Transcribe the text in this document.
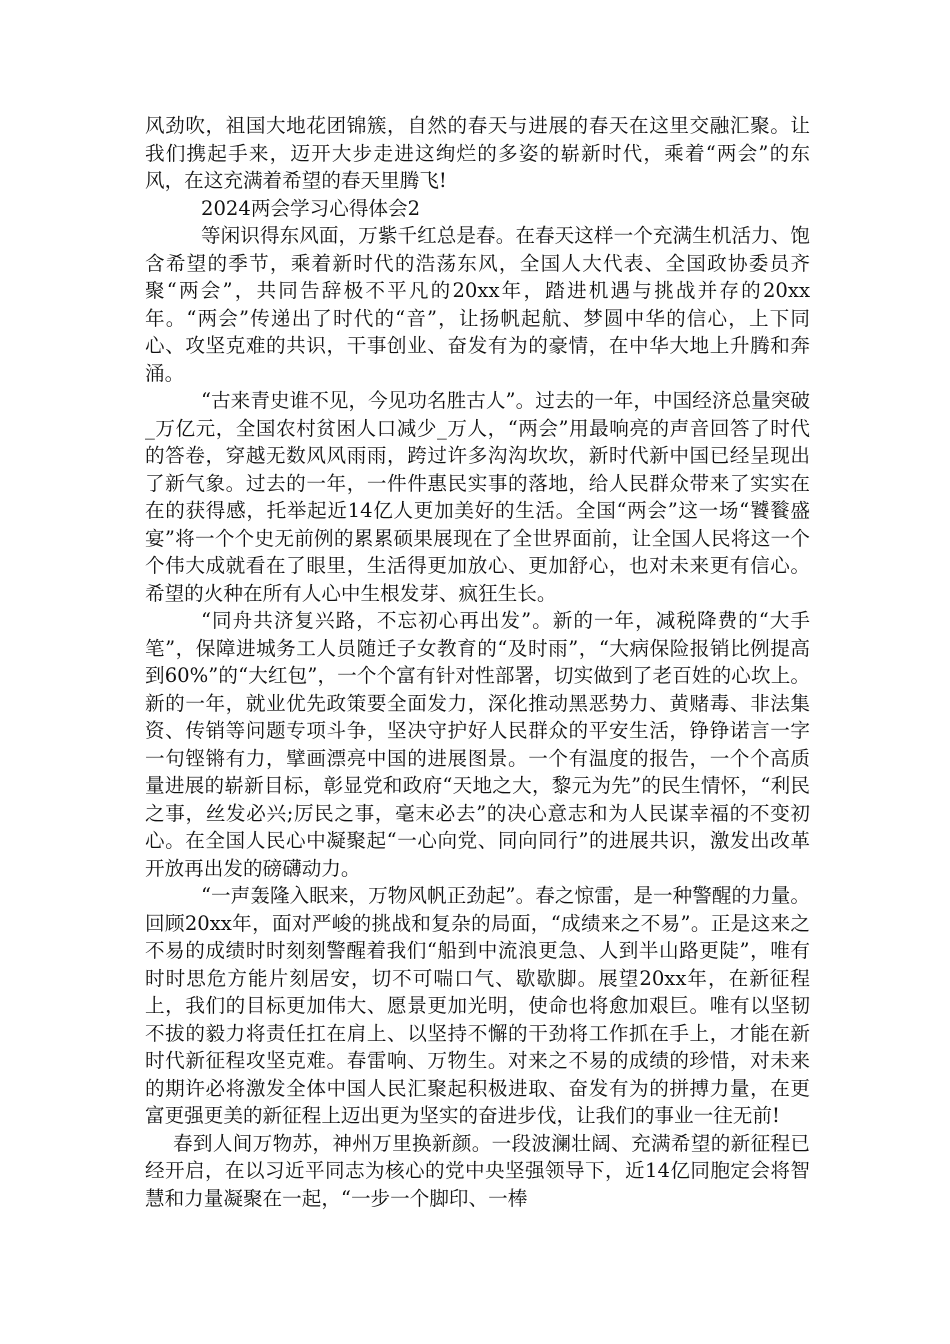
风劲吹，祖国大地花团锦簇，自然的春天与进展的春天在这里交融汇聚。让我们携起手来，迈开大步走进这绚烂的多姿的崭新时代，乘着“两会”的东风，在这充满着希望的春天里腾飞!

2024两会学习心得体会2

等闲识得东风面，万紫千红总是春。在春天这样一个充满生机活力、饱含希望的季节，乘着新时代的浩荡东风，全国人大代表、全国政协委员齐聚“两会”，共同告辞极不平凡的20xx年，踏进机遇与挑战并存的20xx年。“两会”传递出了时代的“音”，让扬帆起航、梦圆中华的信心，上下同心、攻坚克难的共识，干事创业、奋发有为的豪情，在中华大地上升腾和奔涌。

“古来青史谁不见，今见功名胜古人”。过去的一年，中国经济总量突破_万亿元，全国农村贫困人口减少_万人，“两会”用最响亮的声音回答了时代的答卷，穿越无数风风雨雨，跨过许多沟沟坎坎，新时代新中国已经呈现出了新气象。过去的一年，一件件惠民实事的落地，给人民群众带来了实实在在的获得感，托举起近14亿人更加美好的生活。全国“两会”这一场“饕餮盛宴”将一个个史无前例的累累硕果展现在了全世界面前，让全国人民将这一个个伟大成就看在了眼里，生活得更加放心、更加舒心，也对未来更有信心。希望的火种在所有人心中生根发芽、疯狂生长。

“同舟共济复兴路，不忘初心再出发”。新的一年，减税降费的“大手笔”，保障进城务工人员随迁子女教育的“及时雨”，“大病保险报销比例提高到60%”的“大红包”，一个个富有针对性部署，切实做到了老百姓的心坎上。新的一年，就业优先政策要全面发力，深化推动黑恶势力、黄赌毒、非法集资、传销等问题专项斗争，坚决守护好人民群众的平安生活，铮铮诺言一字一句铿锵有力，擘画漂亮中国的进展图景。一个有温度的报告，一个个高质量进展的崭新目标，彰显党和政府“天地之大，黎元为先”的民生情怀，“利民之事，丝发必兴;厉民之事，毫末必去”的决心意志和为人民谋幸福的不变初心。在全国人民心中凝聚起“一心向党、同向同行”的进展共识，激发出改革开放再出发的磅礴动力。

“一声轰隆入眠来，万物风帆正劲起”。春之惊雷，是一种警醒的力量。回顾20xx年，面对严峻的挑战和复杂的局面，“成绩来之不易”。正是这来之不易的成绩时时刻刻警醒着我们“船到中流浪更急、人到半山路更陡”，唯有时时思危方能片刻居安，切不可喘口气、歇歇脚。展望20xx年，在新征程上，我们的目标更加伟大、愿景更加光明，使命也将愈加艰巨。唯有以坚韧不拔的毅力将责任扛在肩上、以坚持不懈的干劲将工作抓在手上，才能在新时代新征程攻坚克难。春雷响、万物生。对来之不易的成绩的珍惜，对未来的期许必将激发全体中国人民汇聚起积极进取、奋发有为的拼搏力量，在更富更强更美的新征程上迈出更为坚实的奋进步伐，让我们的事业一往无前!

春到人间万物苏，神州万里换新颜。一段波澜壮阔、充满希望的新征程已经开启，在以习近平同志为核心的党中央坚强领导下，近14亿同胞定会将智慧和力量凝聚在一起，“一步一个脚印、一棒
